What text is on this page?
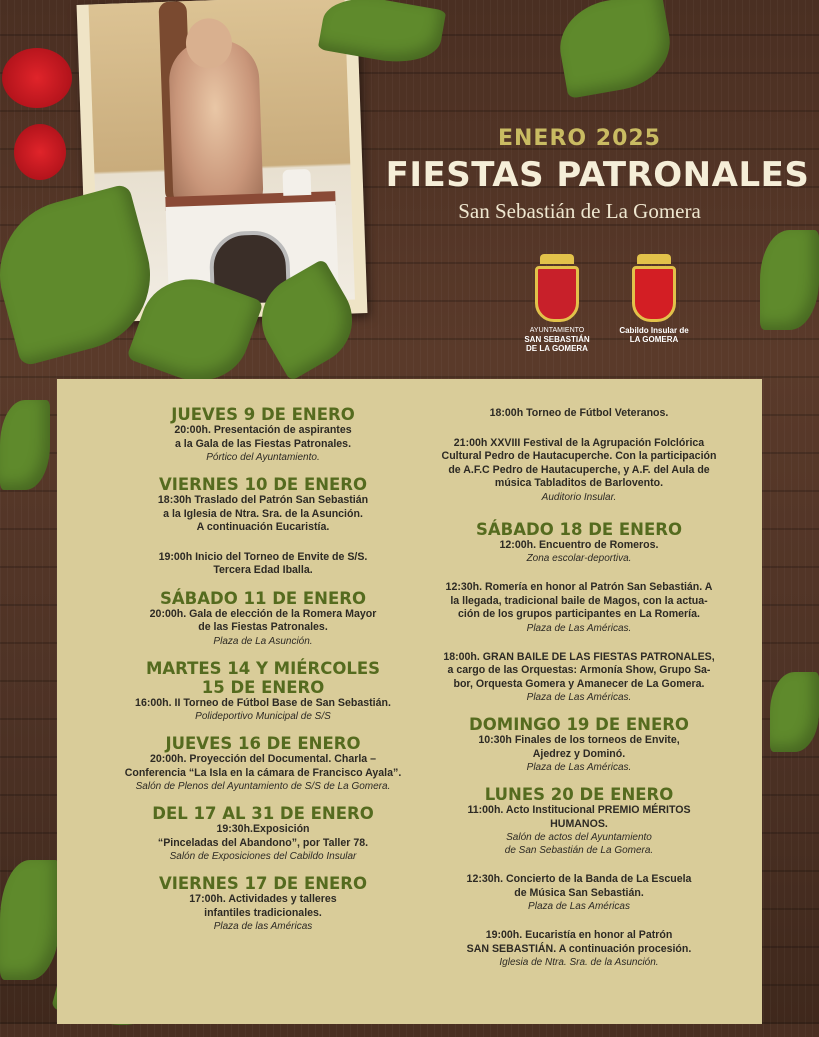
ENERO 2025
FIESTAS PATRONALES
San Sebastián de La Gomera
AYUNTAMIENTO
SAN SEBASTIÁN
DE LA GOMERA
Cabildo Insular de
LA GOMERA
JUEVES 9 DE ENERO
20:00h. Presentación de aspirantes
a la Gala de las Fiestas Patronales.
Pórtico del Ayuntamiento.
VIERNES 10 DE ENERO
18:30h Traslado del Patrón San Sebastián
a la Iglesia de Ntra. Sra. de la Asunción.
A continuación Eucaristía.
19:00h Inicio del Torneo de Envite de S/S.
Tercera Edad Iballa.
SÁBADO 11 DE ENERO
20:00h. Gala de elección de la Romera Mayor
de las Fiestas Patronales.
Plaza de La Asunción.
MARTES 14 Y MIÉRCOLES
15 DE ENERO
16:00h. II Torneo de Fútbol Base de San Sebastián.
Polideportivo Municipal de S/S
JUEVES 16 DE ENERO
20:00h. Proyección del Documental. Charla –
Conferencia “La Isla en la cámara de Francisco Ayala”.
Salón de Plenos del Ayuntamiento de S/S de La Gomera.
DEL 17 AL 31 DE ENERO
19:30h.Exposición
“Pinceladas del Abandono”, por Taller 78.
Salón de Exposiciones del Cabildo Insular
VIERNES 17 DE ENERO
17:00h. Actividades y talleres
infantiles tradicionales.
Plaza de las Américas
18:00h Torneo de Fútbol Veteranos.
21:00h XXVIII Festival de la Agrupación Folclórica
Cultural Pedro de Hautacuperche. Con la participación
de A.F.C Pedro de Hautacuperche, y A.F. del Aula de
música Tabladitos de Barlovento.
Auditorio Insular.
SÁBADO 18 DE ENERO
12:00h. Encuentro de Romeros.
Zona escolar-deportiva.
12:30h. Romería en honor al Patrón San Sebastián. A
la llegada, tradicional baile de Magos, con la actua-
ción de los grupos participantes en La Romería.
Plaza de Las Américas.
18:00h. GRAN BAILE DE LAS FIESTAS PATRONALES,
a cargo de las Orquestas: Armonía Show, Grupo Sa-
bor, Orquesta Gomera y Amanecer de La Gomera.
Plaza de Las Américas.
DOMINGO 19 DE ENERO
10:30h Finales de los torneos de Envite,
Ajedrez y Dominó.
Plaza de Las Américas.
LUNES 20 DE ENERO
11:00h. Acto Institucional PREMIO MÉRITOS
HUMANOS.
Salón de actos del Ayuntamiento
de San Sebastián de La Gomera.
12:30h. Concierto de la Banda de La Escuela
de Música San Sebastián.
Plaza de Las Américas
19:00h. Eucaristía en honor al Patrón
SAN SEBASTIÁN. A continuación procesión.
Iglesia de Ntra. Sra. de la Asunción.
